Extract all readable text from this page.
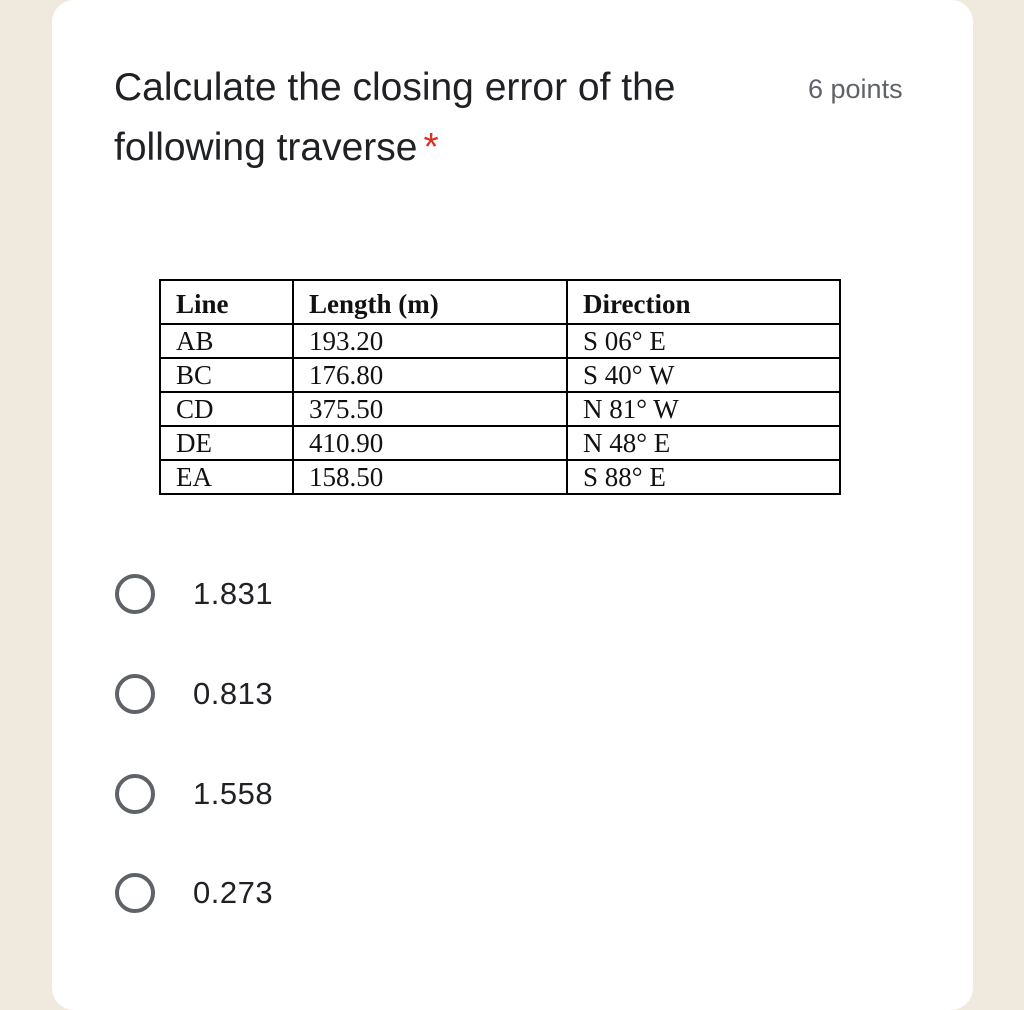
Calculate the closing error of the following traverse *
6 points
Line	Length (m)	Direction
AB	193.20	S 06° E
BC	176.80	S 40° W
CD	375.50	N 81° W
DE	410.90	N 48° E
EA	158.50	S 88° E
1.831
0.813
1.558
0.273
